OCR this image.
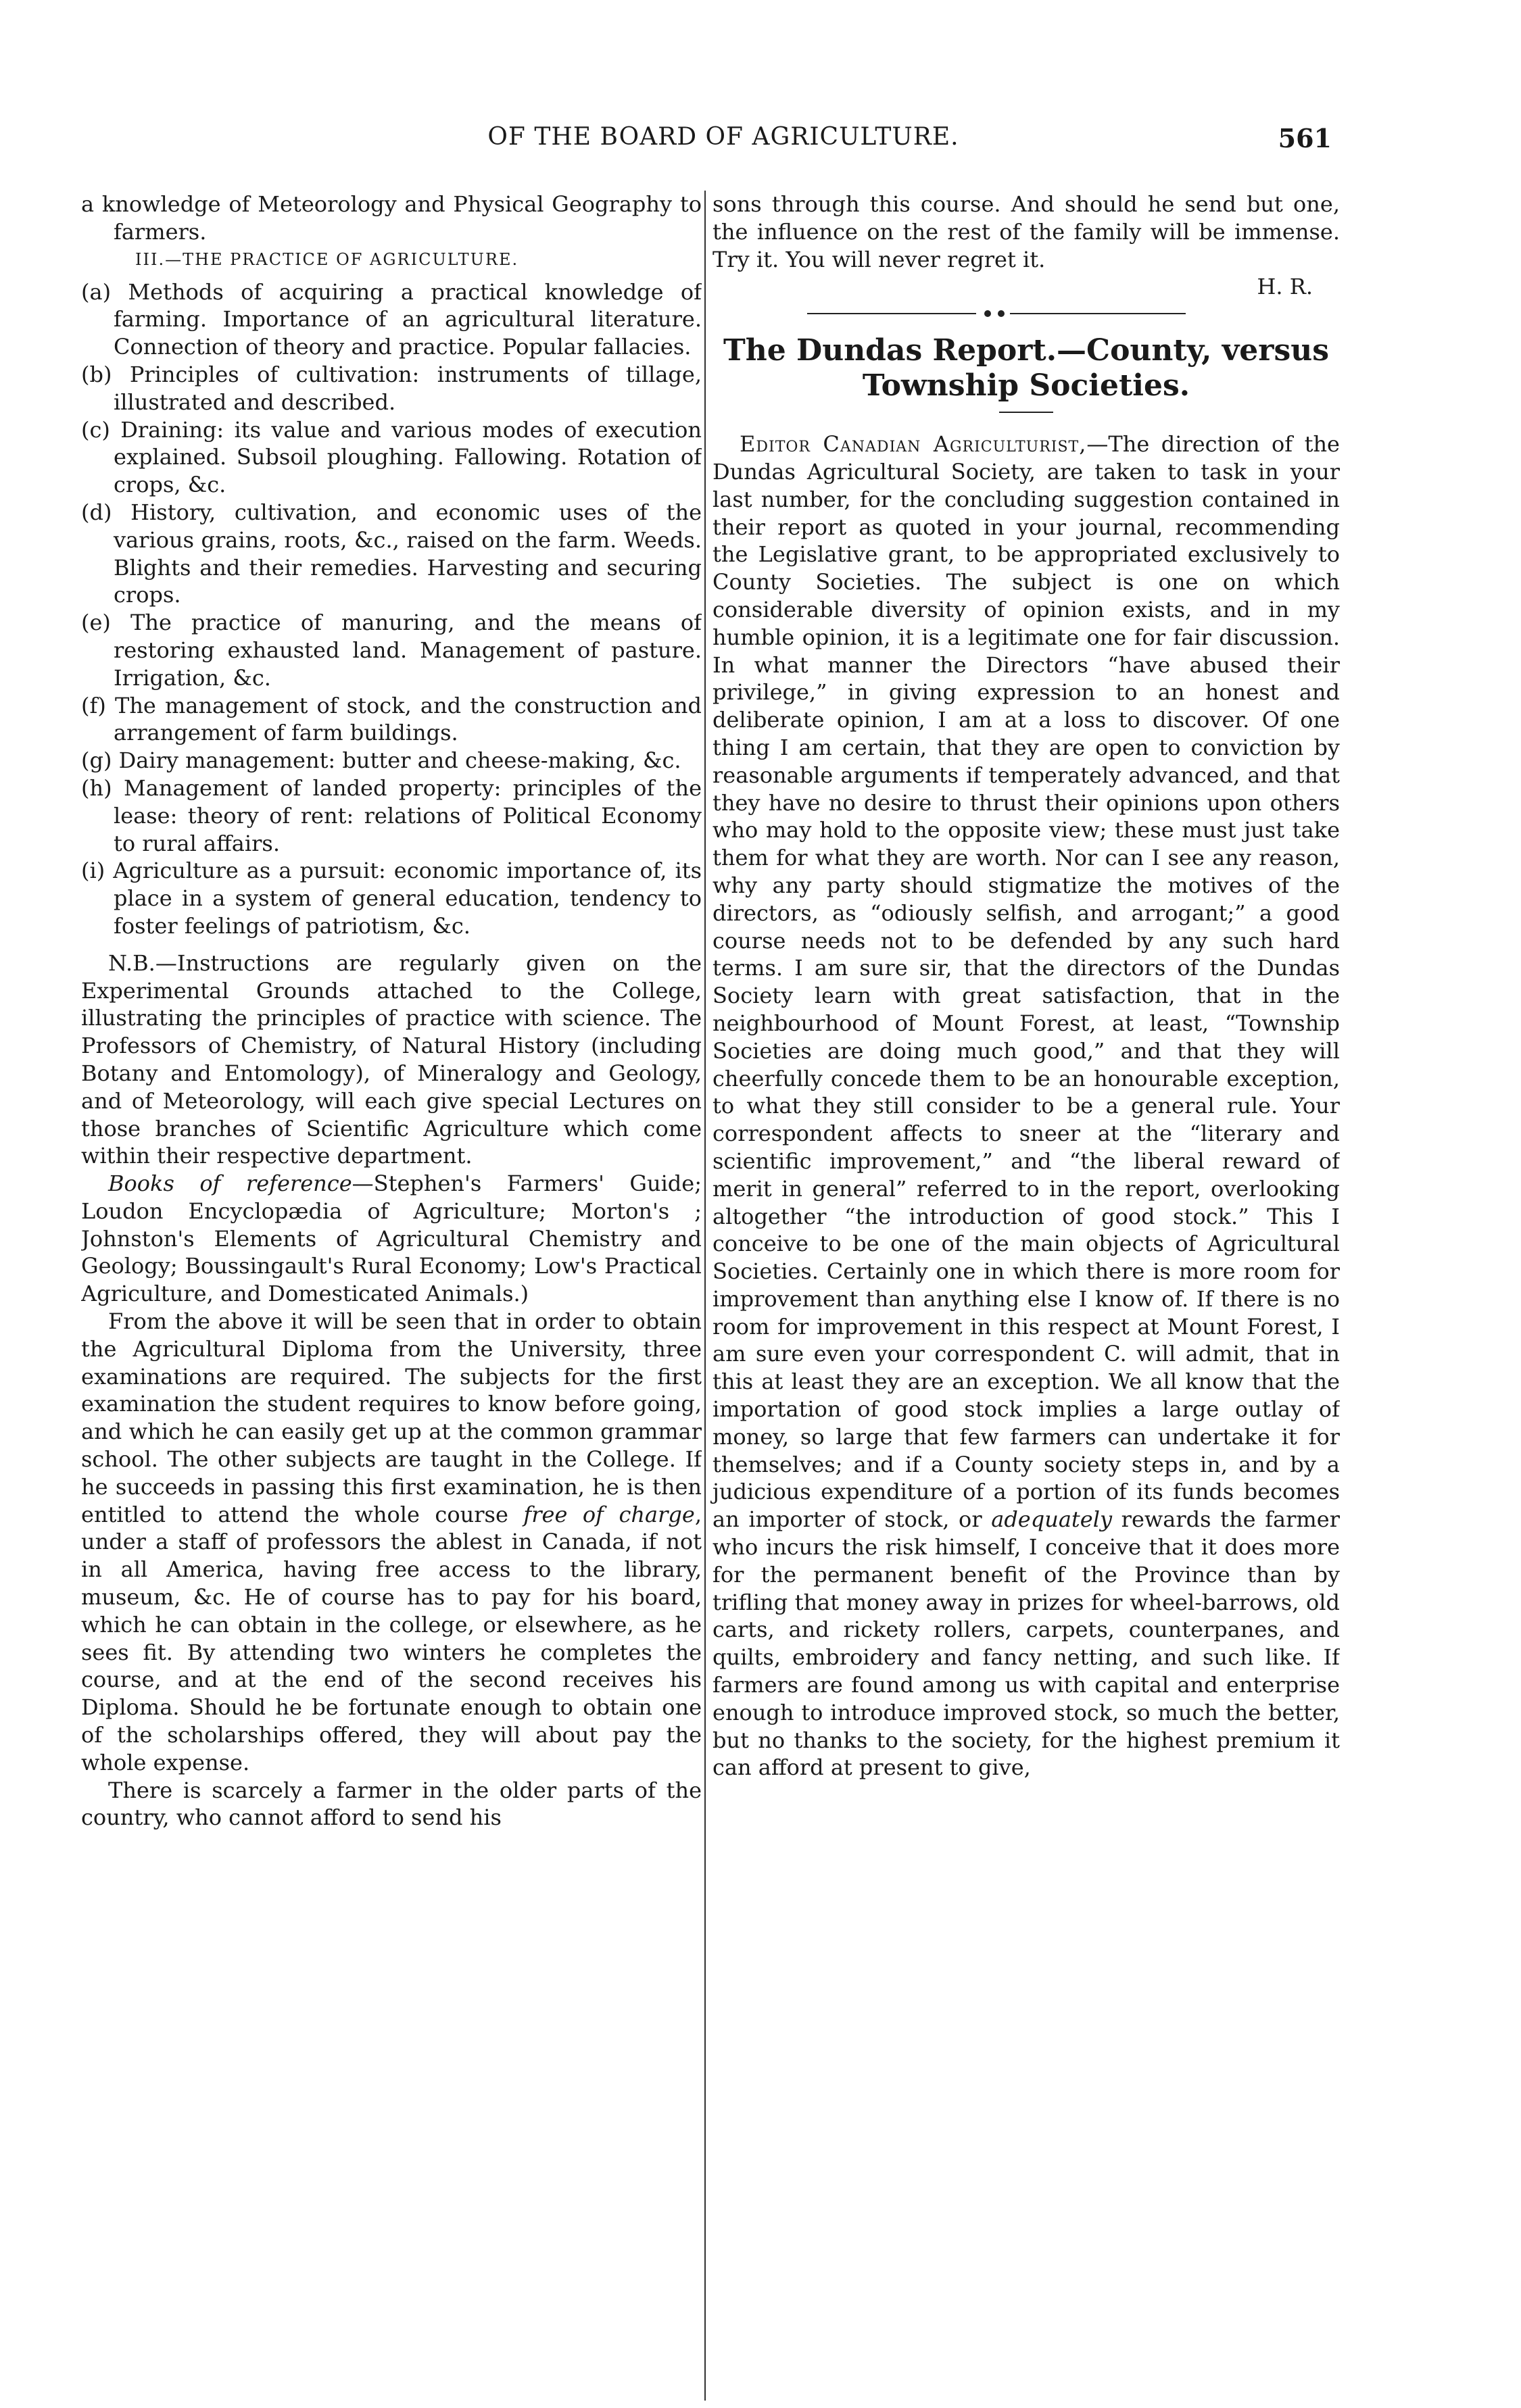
OF THE BOARD OF AGRICULTURE.	561

a knowledge of Meteorology and Physical Geography to farmers.

III.—THE PRACTICE OF AGRICULTURE.

(a) Methods of acquiring a practical knowledge of farming. Importance of an agricultural literature. Connection of theory and practice. Popular fallacies.

(b) Principles of cultivation: instruments of tillage, illustrated and described.

(c) Draining: its value and various modes of execution explained. Subsoil ploughing. Fallowing. Rotation of crops, &c.

(d) History, cultivation, and economic uses of the various grains, roots, &c., raised on the farm. Weeds. Blights and their remedies. Harvesting and securing crops.

(e) The practice of manuring, and the means of restoring exhausted land. Management of pasture. Irrigation, &c.

(f) The management of stock, and the construction and arrangement of farm buildings.

(g) Dairy management: butter and cheese-making, &c.

(h) Management of landed property: principles of the lease: theory of rent: relations of Political Economy to rural affairs.

(i) Agriculture as a pursuit: economic importance of, its place in a system of general education, tendency to foster feelings of patriotism, &c.

N.B.—Instructions are regularly given on the Experimental Grounds attached to the College, illustrating the principles of practice with science. The Professors of Chemistry, of Natural History (including Botany and Entomology), of Mineralogy and Geology, and of Meteorology, will each give special Lectures on those branches of Scientific Agriculture which come within their respective department.

Books of reference—Stephen's Farmers' Guide; Loudon Encyclopædia of Agriculture; Morton's ; Johnston's Elements of Agricultural Chemistry and Geology; Boussingault's Rural Economy; Low's Practical Agriculture, and Domesticated Animals.)

From the above it will be seen that in order to obtain the Agricultural Diploma from the University, three examinations are required. The subjects for the first examination the student requires to know before going, and which he can easily get up at the common grammar school. The other subjects are taught in the College. If he succeeds in passing this first examination, he is then entitled to attend the whole course free of charge, under a staff of professors the ablest in Canada, if not in all America, having free access to the library, museum, &c. He of course has to pay for his board, which he can obtain in the college, or elsewhere, as he sees fit. By attending two winters he completes the course, and at the end of the second receives his Diploma. Should he be fortunate enough to obtain one of the scholarships offered, they will about pay the whole expense.

There is scarcely a farmer in the older parts of the country, who cannot afford to send his

sons through this course. And should he send but one, the influence on the rest of the family will be immense. Try it. You will never regret it.

H. R.

The Dundas Report.—County, versus Township Societies.

Editor Canadian Agriculturist,—The direction of the Dundas Agricultural Society, are taken to task in your last number, for the concluding suggestion contained in their report as quoted in your journal, recommending the Legislative grant, to be appropriated exclusively to County Societies. The subject is one on which considerable diversity of opinion exists, and in my humble opinion, it is a legitimate one for fair discussion. In what manner the Directors “have abused their privilege,” in giving expression to an honest and deliberate opinion, I am at a loss to discover. Of one thing I am certain, that they are open to conviction by reasonable arguments if temperately advanced, and that they have no desire to thrust their opinions upon others who may hold to the opposite view; these must just take them for what they are worth. Nor can I see any reason, why any party should stigmatize the motives of the directors, as “odiously selfish, and arrogant;” a good course needs not to be defended by any such hard terms. I am sure sir, that the directors of the Dundas Society learn with great satisfaction, that in the neighbourhood of Mount Forest, at least, “Township Societies are doing much good,” and that they will cheerfully concede them to be an honourable exception, to what they still consider to be a general rule. Your correspondent affects to sneer at the “literary and scientific improvement,” and “the liberal reward of merit in general” referred to in the report, overlooking altogether “the introduction of good stock.” This I conceive to be one of the main objects of Agricultural Societies. Certainly one in which there is more room for improvement than anything else I know of. If there is no room for improvement in this respect at Mount Forest, I am sure even your correspondent C. will admit, that in this at least they are an exception. We all know that the importation of good stock implies a large outlay of money, so large that few farmers can undertake it for themselves; and if a County society steps in, and by a judicious expenditure of a portion of its funds becomes an importer of stock, or adequately rewards the farmer who incurs the risk himself, I conceive that it does more for the permanent benefit of the Province than by trifling that money away in prizes for wheel-barrows, old carts, and rickety rollers, carpets, counterpanes, and quilts, embroidery and fancy netting, and such like. If farmers are found among us with capital and enterprise enough to introduce improved stock, so much the better, but no thanks to the society, for the highest premium it can afford at present to give,
